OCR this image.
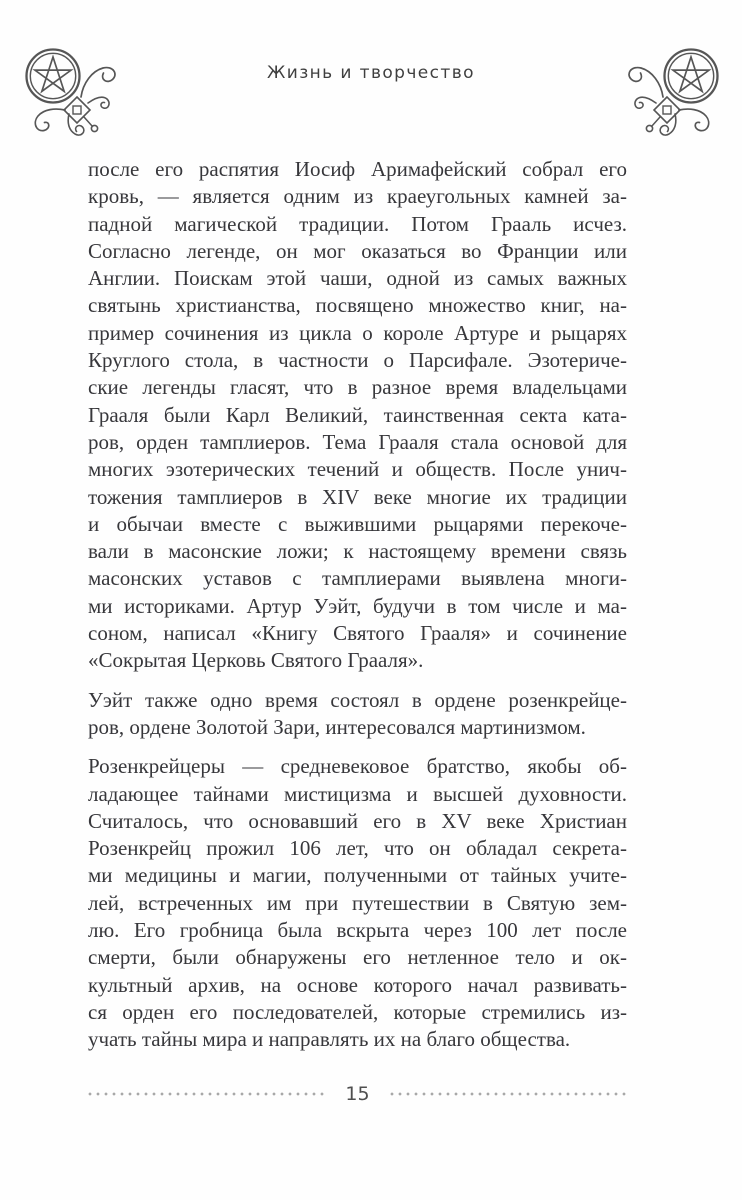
Жизнь и творчество
после его распятия Иосиф Аримафейский собрал его
кровь, — является одним из краеугольных камней за-
падной магической традиции. Потом Грааль исчез.
Согласно легенде, он мог оказаться во Франции или
Англии. Поискам этой чаши, одной из самых важных
святынь христианства, посвящено множество книг, на-
пример сочинения из цикла о короле Артуре и рыцарях
Круглого стола, в частности о Парсифале. Эзотериче-
ские легенды гласят, что в разное время владельцами
Грааля были Карл Великий, таинственная секта ката-
ров, орден тамплиеров. Тема Грааля стала основой для
многих эзотерических течений и обществ. После унич-
тожения тамплиеров в XIV веке многие их традиции
и обычаи вместе с выжившими рыцарями перекоче-
вали в масонские ложи; к настоящему времени связь
масонских уставов с тамплиерами выявлена многи-
ми историками. Артур Уэйт, будучи в том числе и ма-
соном, написал «Книгу Святого Грааля» и сочинение
«Сокрытая Церковь Святого Грааля».
Уэйт также одно время состоял в ордене розенкрейце-
ров, ордене Золотой Зари, интересовался мартинизмом.
Розенкрейцеры — средневековое братство, якобы об-
ладающее тайнами мистицизма и высшей духовности.
Считалось, что основавший его в XV веке Христиан
Розенкрейц прожил 106 лет, что он обладал секрета-
ми медицины и магии, полученными от тайных учите-
лей, встреченных им при путешествии в Святую зем-
лю. Его гробница была вскрыта через 100 лет после
смерти, были обнаружены его нетленное тело и ок-
культный архив, на основе которого начал развивать-
ся орден его последователей, которые стремились из-
учать тайны мира и направлять их на благо общества.
15
